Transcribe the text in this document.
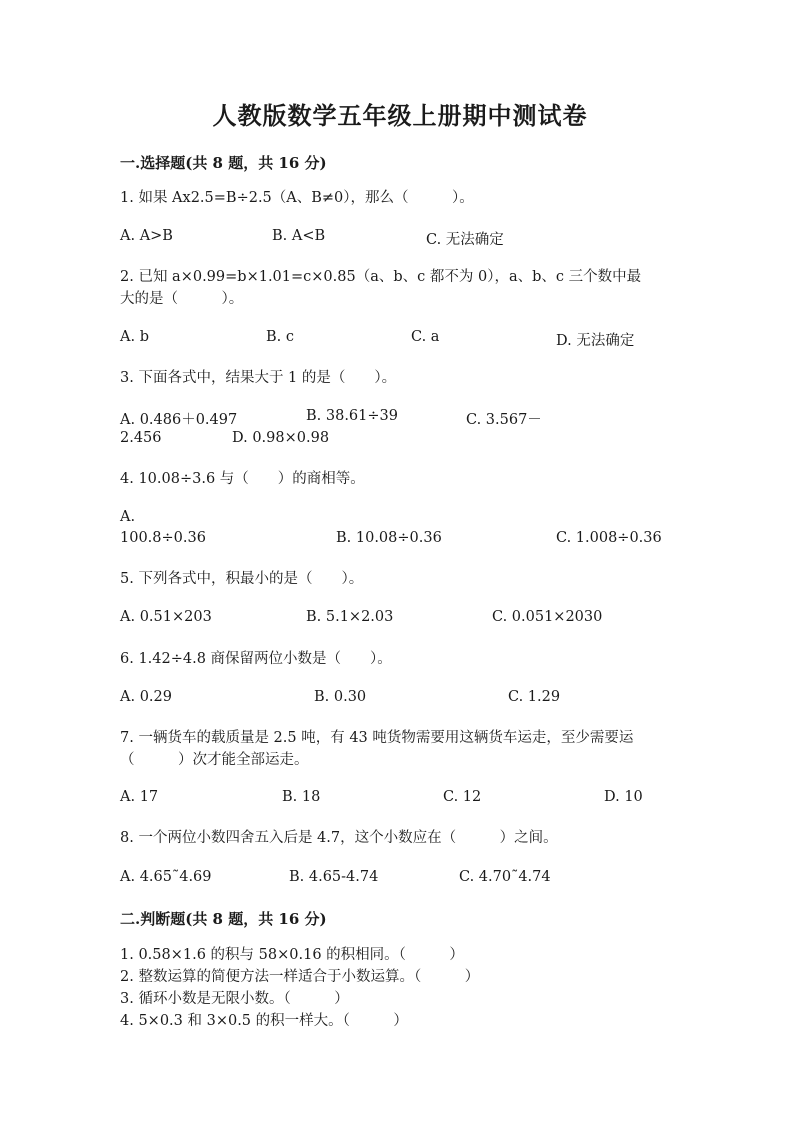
人教版数学五年级上册期中测试卷
一.选择题(共 8 题，共 16 分)
1. 如果 Ax2.5=B÷2.5（A、B≠0），那么（　　　）。
A. A>B	B. A<B	C. 无法确定
2. 已知 a×0.99=b×1.01=c×0.85（a、b、c 都不为 0），a、b、c 三个数中最
大的是（　　　）。
A. b	B. c	C. a	D. 无法确定
3. 下面各式中，结果大于 1 的是（　　）。
A. 0.486＋0.497	B. 38.61÷39	C. 3.567－
2.456	D. 0.98×0.98
4. 10.08÷3.6 与（　　）的商相等。
A.
100.8÷0.36	B. 10.08÷0.36	C. 1.008÷0.36
5. 下列各式中，积最小的是（　　）。
A. 0.51×203	B. 5.1×2.03	C. 0.051×2030
6. 1.42÷4.8 商保留两位小数是（　　）。
A. 0.29	B. 0.30	C. 1.29
7. 一辆货车的载质量是 2.5 吨，有 43 吨货物需要用这辆货车运走，至少需要运
（　　　）次才能全部运走。
A. 17	B. 18	C. 12	D. 10
8. 一个两位小数四舍五入后是 4.7，这个小数应在（　　　）之间。
A. 4.65˜4.69	B. 4.65-4.74	C. 4.70˜4.74
二.判断题(共 8 题，共 16 分)
1. 0.58×1.6 的积与 58×0.16 的积相同。（　　　）
2. 整数运算的简便方法一样适合于小数运算。（　　　）
3. 循环小数是无限小数。（　　　）
4. 5×0.3 和 3×0.5 的积一样大。（　　　）
